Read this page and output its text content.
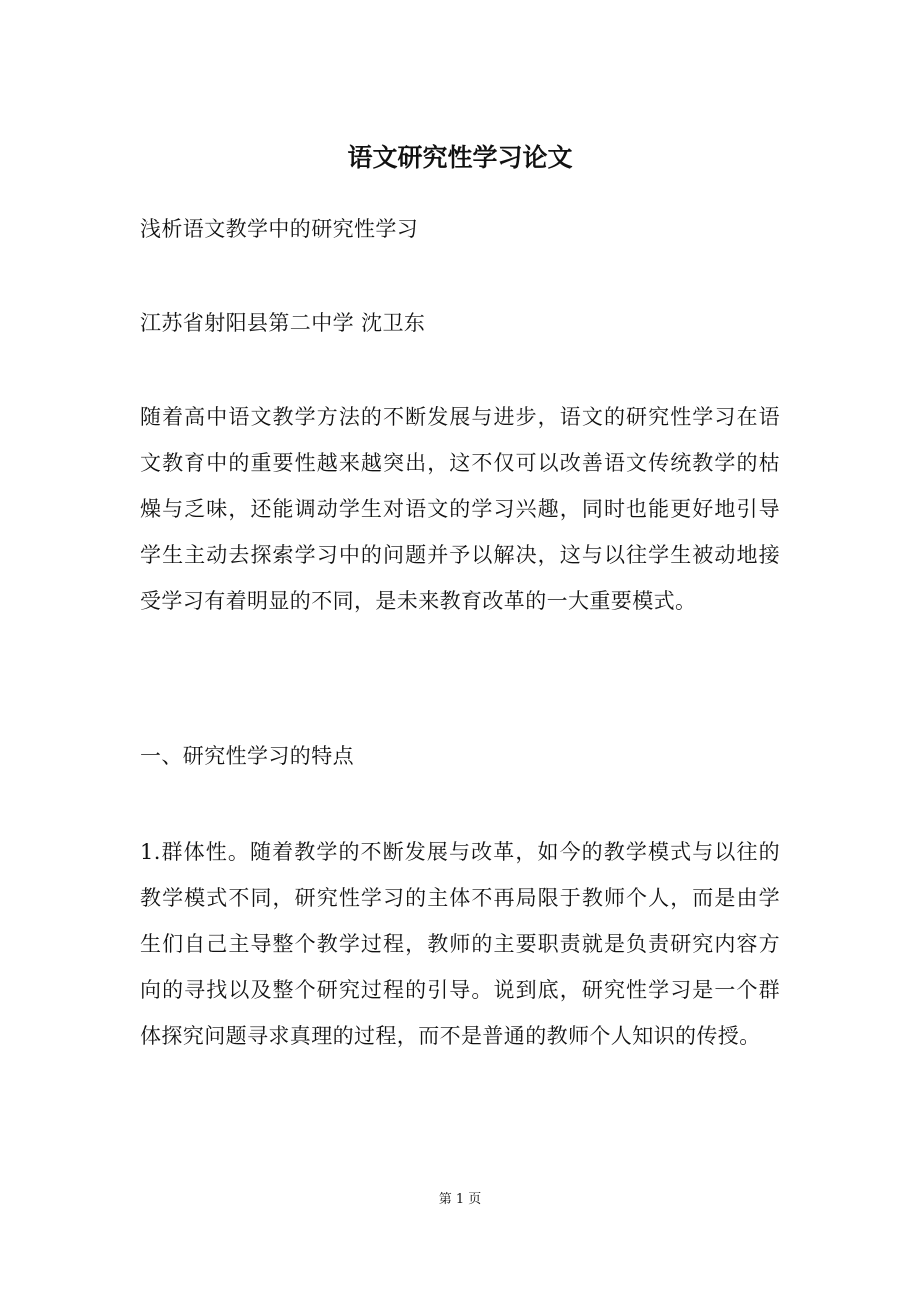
语文研究性学习论文

浅析语文教学中的研究性学习

江苏省射阳县第二中学 沈卫东

随着高中语文教学方法的不断发展与进步，语文的研究性学习在语文教育中的重要性越来越突出，这不仅可以改善语文传统教学的枯燥与乏味，还能调动学生对语文的学习兴趣，同时也能更好地引导学生主动去探索学习中的问题并予以解决，这与以往学生被动地接受学习有着明显的不同，是未来教育改革的一大重要模式。

一、研究性学习的特点

1.群体性。随着教学的不断发展与改革，如今的教学模式与以往的教学模式不同，研究性学习的主体不再局限于教师个人，而是由学生们自己主导整个教学过程，教师的主要职责就是负责研究内容方向的寻找以及整个研究过程的引导。说到底，研究性学习是一个群体探究问题寻求真理的过程，而不是普通的教师个人知识的传授。

第 1 页
